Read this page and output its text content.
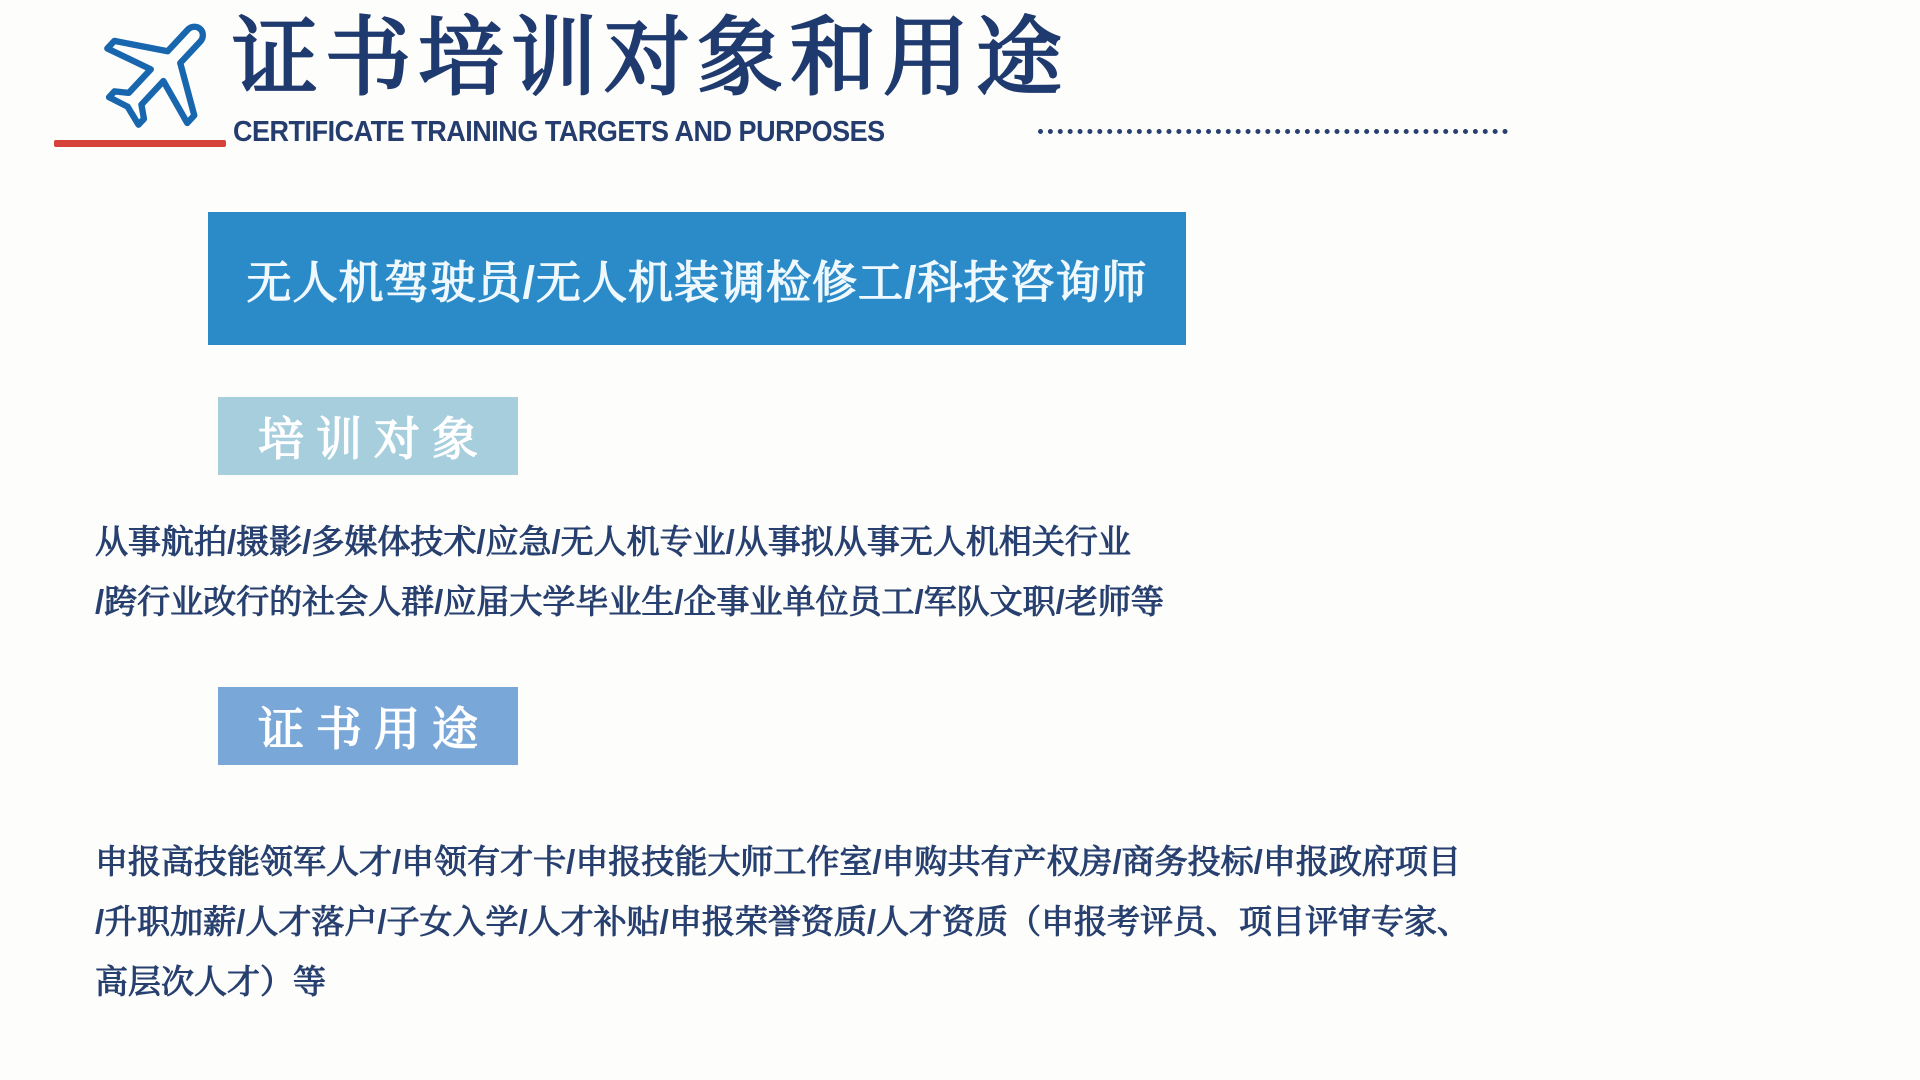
证书培训对象和用途
CERTIFICATE TRAINING TARGETS AND PURPOSES
无人机驾驶员/无人机装调检修工/科技咨询师
培训对象
从事航拍/摄影/多媒体技术/应急/无人机专业/从事拟从事无人机相关行业
/跨行业改行的社会人群/应届大学毕业生/企事业单位员工/军队文职/老师等
证书用途
申报高技能领军人才/申领有才卡/申报技能大师工作室/申购共有产权房/商务投标/申报政府项目
/升职加薪/人才落户/子女入学/人才补贴/申报荣誉资质/人才资质（申报考评员、项目评审专家、
高层次人才）等
